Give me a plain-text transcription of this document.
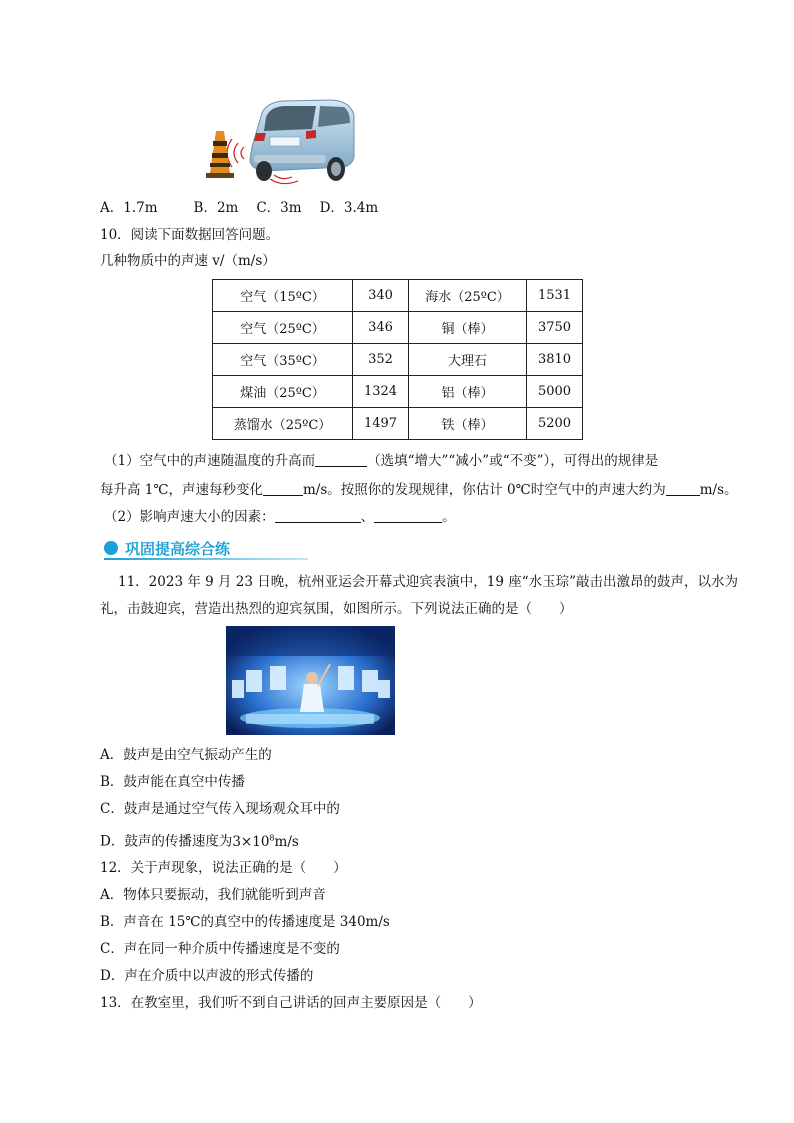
A．1.7m	B．2m C．3m D．3.4m
10．阅读下面数据回答问题。
几种物质中的声速 v/（m/s）
空气（15ºC）	340	海水（25ºC）	1531
空气（25ºC）	346	铜（棒）	3750
空气（35ºC）	352	大理石	3810
煤油（25ºC）	1324	铝（棒）	5000
蒸馏水（25ºC）	1497	铁（棒）	5200
（1）空气中的声速随温度的升高而	（选填“增大”“减小”或“不变”），可得出的规律是
每升高 1℃，声速每秒变化	m/s。按照你的发现规律，你估计 0℃时空气中的声速大约为	m/s。
（2）影响声速大小的因素：	、	。
巩固提高综合练
11．2023 年 9 月 23 日晚，杭州亚运会开幕式迎宾表演中，19 座“水玉琮”敲击出激昂的鼓声，以水为
礼，击鼓迎宾，营造出热烈的迎宾氛围，如图所示。下列说法正确的是（　　）
A．鼓声是由空气振动产生的
B．鼓声能在真空中传播
C．鼓声是通过空气传入现场观众耳中的
D．鼓声的传播速度为$3\times 10^8m/s$
12．关于声现象，说法正确的是（　　）
A．物体只要振动，我们就能听到声音
B．声音在 15℃的真空中的传播速度是 340m/s
C．声在同一种介质中传播速度是不变的
D．声在介质中以声波的形式传播的
13．在教室里，我们听不到自己讲话的回声主要原因是（　　）
